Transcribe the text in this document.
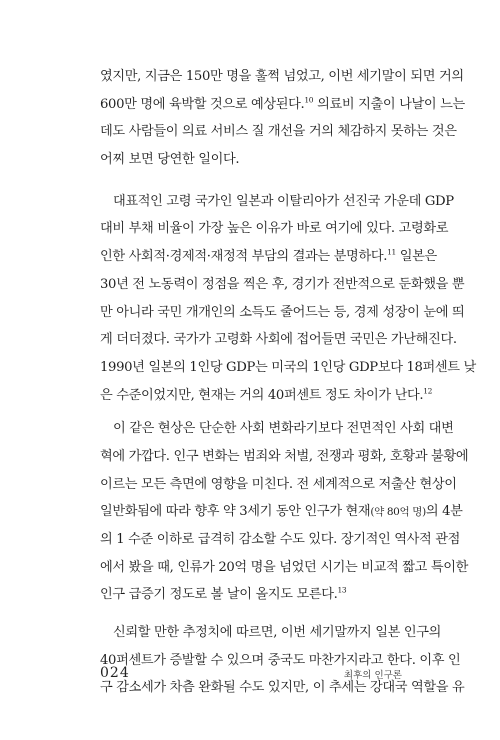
였지만, 지금은 150만 명을 훌쩍 넘었고, 이번 세기말이 되면 거의
600만 명에 육박할 것으로 예상된다.$^{10}$ 의료비 지출이 나날이 느는
데도 사람들이 의료 서비스 질 개선을 거의 체감하지 못하는 것은
어찌 보면 당연한 일이다.
대표적인 고령 국가인 일본과 이탈리아가 선진국 가운데 GDP
대비 부채 비율이 가장 높은 이유가 바로 여기에 있다. 고령화로
인한 사회적·경제적·재정적 부담의 결과는 분명하다.$^{11}$ 일본은
30년 전 노동력이 정점을 찍은 후, 경기가 전반적으로 둔화했을 뿐
만 아니라 국민 개개인의 소득도 줄어드는 등, 경제 성장이 눈에 띄
게 더더졌다. 국가가 고령화 사회에 접어들면 국민은 가난해진다.
1990년 일본의 1인당 GDP는 미국의 1인당 GDP보다 18퍼센트 낮
은 수준이었지만, 현재는 거의 40퍼센트 정도 차이가 난다.$^{12}$
이 같은 현상은 단순한 사회 변화라기보다 전면적인 사회 대변
혁에 가깝다. 인구 변화는 범죄와 처벌, 전쟁과 평화, 호황과 불황에
이르는 모든 측면에 영향을 미친다. 전 세계적으로 저출산 현상이
일반화됨에 따라 향후 약 3세기 동안 인구가 현재(약 80억 명)의 4분
의 1 수준 이하로 급격히 감소할 수도 있다. 장기적인 역사적 관점
에서 봤을 때, 인류가 20억 명을 넘었던 시기는 비교적 짧고 특이한
인구 급증기 정도로 볼 날이 올지도 모른다.$^{13}$
신뢰할 만한 추정치에 따르면, 이번 세기말까지 일본 인구의
40퍼센트가 증발할 수 있으며 중국도 마찬가지라고 한다. 이후 인
구 감소세가 차츰 완화될 수도 있지만, 이 추세는 강대국 역할을 유
024	최후의 인구론
